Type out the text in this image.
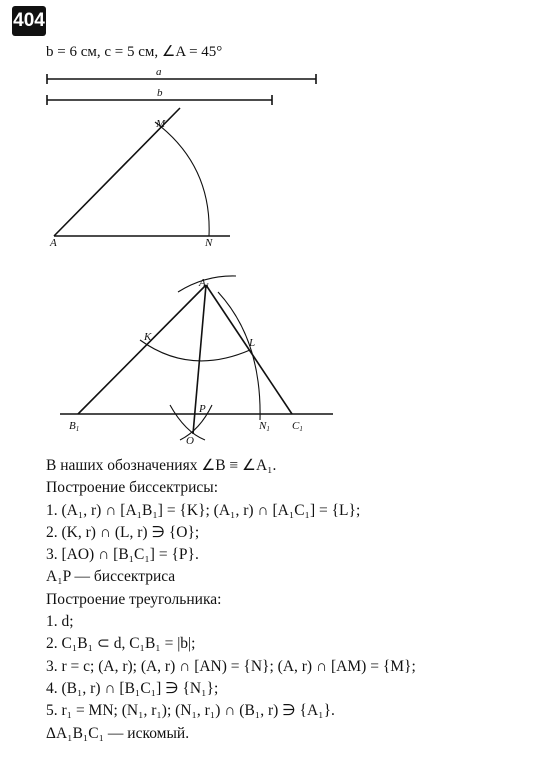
404
b = 6 см, c = 5 см, ∠A = 45°
a
b
A
M
N
A1
B1	C1
N1
K	L
P
O
В наших обозначениях ∠B ≡ ∠A₁.
Построение биссектрисы:
1. (A₁, r) ∩ [A₁B₁] = {K}; (A₁, r) ∩ [A₁C₁] = {L};
2. (K, r) ∩ (L, r) ∋ {O};
3. [AO) ∩ [B₁C₁] = {P}.
A₁P — биссектриса
Построение треугольника:
1. d;
2. C₁B₁ ⊂ d, C₁B₁ = |b|;
3. r = c; (A, r); (A, r) ∩ [AN) = {N}; (A, r) ∩ [AM) = {M};
4. (B₁, r) ∩ [B₁C₁] ∋ {N₁};
5. r₁ = MN; (N₁, r₁); (N₁, r₁) ∩ (B₁, r) ∋ {A₁}.
ΔA₁B₁C₁ — искомый.
